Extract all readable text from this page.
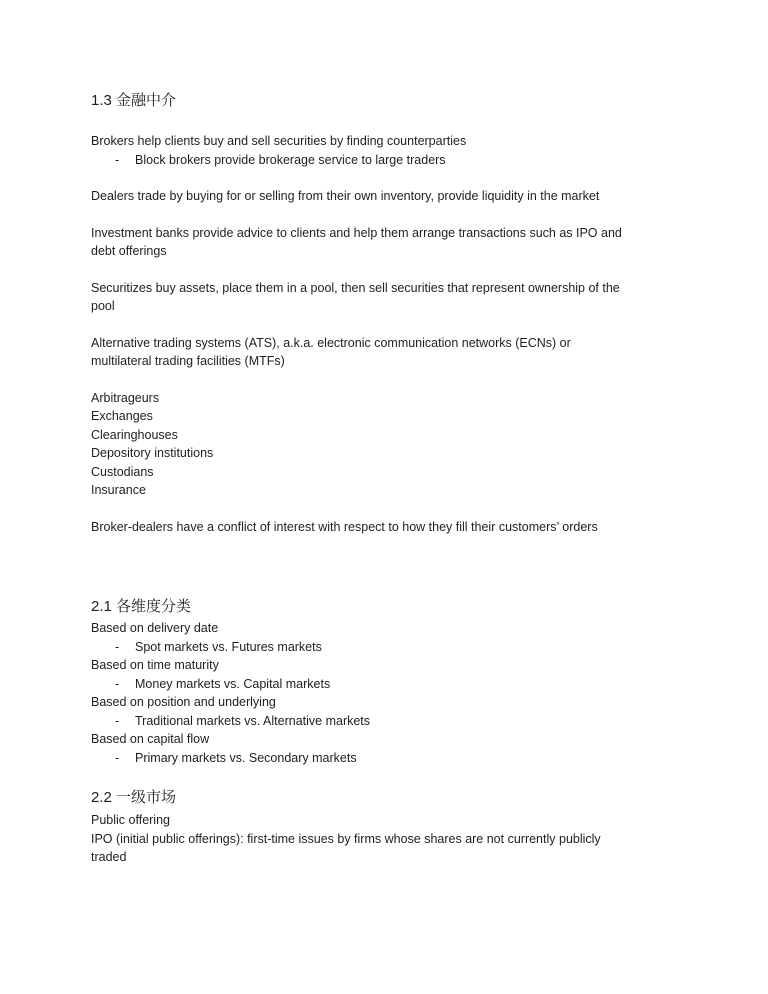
1.3 金融中介
Brokers help clients buy and sell securities by finding counterparties
-	Block brokers provide brokerage service to large traders
Dealers trade by buying for or selling from their own inventory, provide liquidity in the market
Investment banks provide advice to clients and help them arrange transactions such as IPO and
debt offerings
Securitizes buy assets, place them in a pool, then sell securities that represent ownership of the
pool
Alternative trading systems (ATS), a.k.a. electronic communication networks (ECNs) or
multilateral trading facilities (MTFs)
Arbitrageurs
Exchanges
Clearinghouses
Depository institutions
Custodians
Insurance
Broker-dealers have a conflict of interest with respect to how they fill their customers’ orders
2.1 各维度分类
Based on delivery date
-	Spot markets vs. Futures markets
Based on time maturity
-	Money markets vs. Capital markets
Based on position and underlying
-	Traditional markets vs. Alternative markets
Based on capital flow
-	Primary markets vs. Secondary markets
2.2 一级市场
Public offering
IPO (initial public offerings): first-time issues by firms whose shares are not currently publicly
traded
